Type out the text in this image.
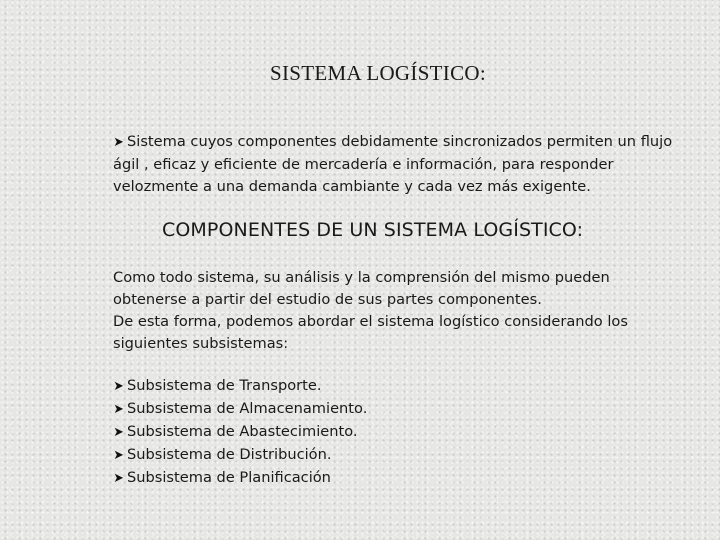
SISTEMA LOGÍSTICO:

➤ Sistema cuyos componentes debidamente sincronizados permiten un flujo ágil , eficaz y eficiente de mercadería e información, para responder velozmente a una demanda cambiante y cada vez más exigente.

COMPONENTES DE UN SISTEMA LOGÍSTICO:

Como todo sistema, su análisis y la comprensión del mismo pueden obtenerse a partir del estudio de sus partes componentes.

De esta forma, podemos abordar el sistema logístico considerando los siguientes subsistemas:

➤ Subsistema de Transporte.
➤ Subsistema de Almacenamiento.
➤ Subsistema de Abastecimiento.
➤ Subsistema de Distribución.
➤ Subsistema de Planificación
